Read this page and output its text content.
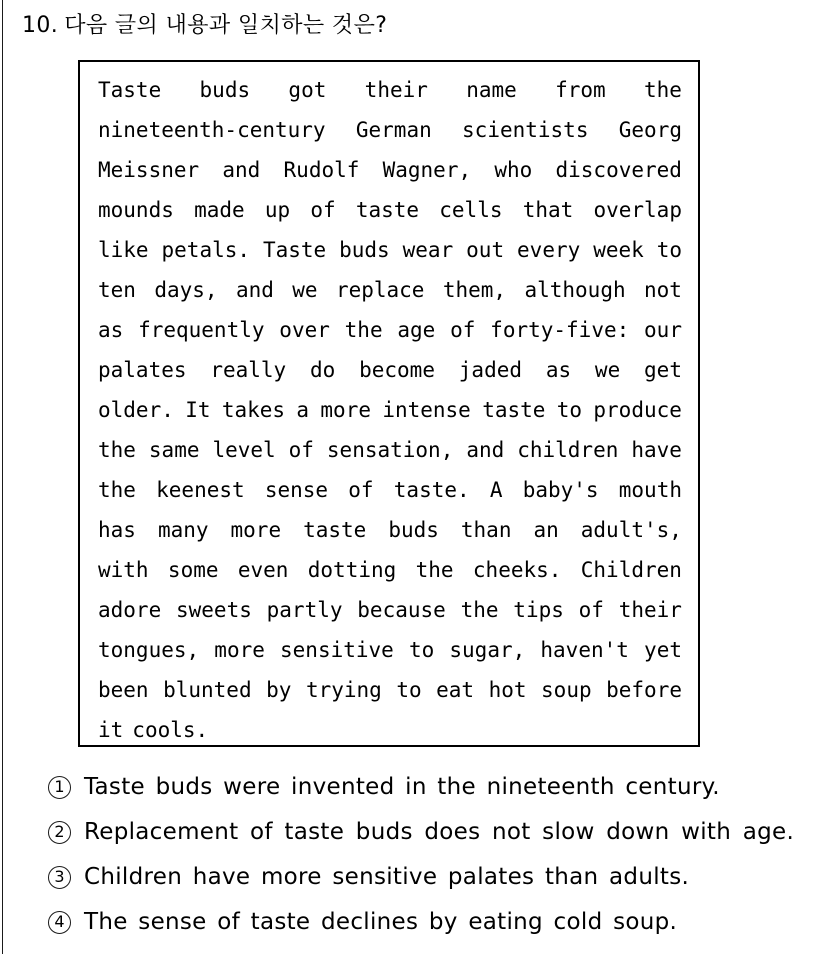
10. 다음 글의 내용과 일치하는 것은?
Taste buds got their name from the
nineteenth-century German scientists Georg
Meissner and Rudolf Wagner, who discovered
mounds made up of taste cells that overlap
like petals. Taste buds wear out every week to
ten days, and we replace them, although not
as frequently over the age of forty-five: our
palates really do become jaded as we get
older. It takes a more intense taste to produce
the same level of sensation, and children have
the keenest sense of taste. A baby's mouth
has many more taste buds than an adult's,
with some even dotting the cheeks. Children
adore sweets partly because the tips of their
tongues, more sensitive to sugar, haven't yet
been blunted by trying to eat hot soup before
it cools.
1 Taste buds were invented in the nineteenth century.
2 Replacement of taste buds does not slow down with age.
3 Children have more sensitive palates than adults.
4 The sense of taste declines by eating cold soup.
